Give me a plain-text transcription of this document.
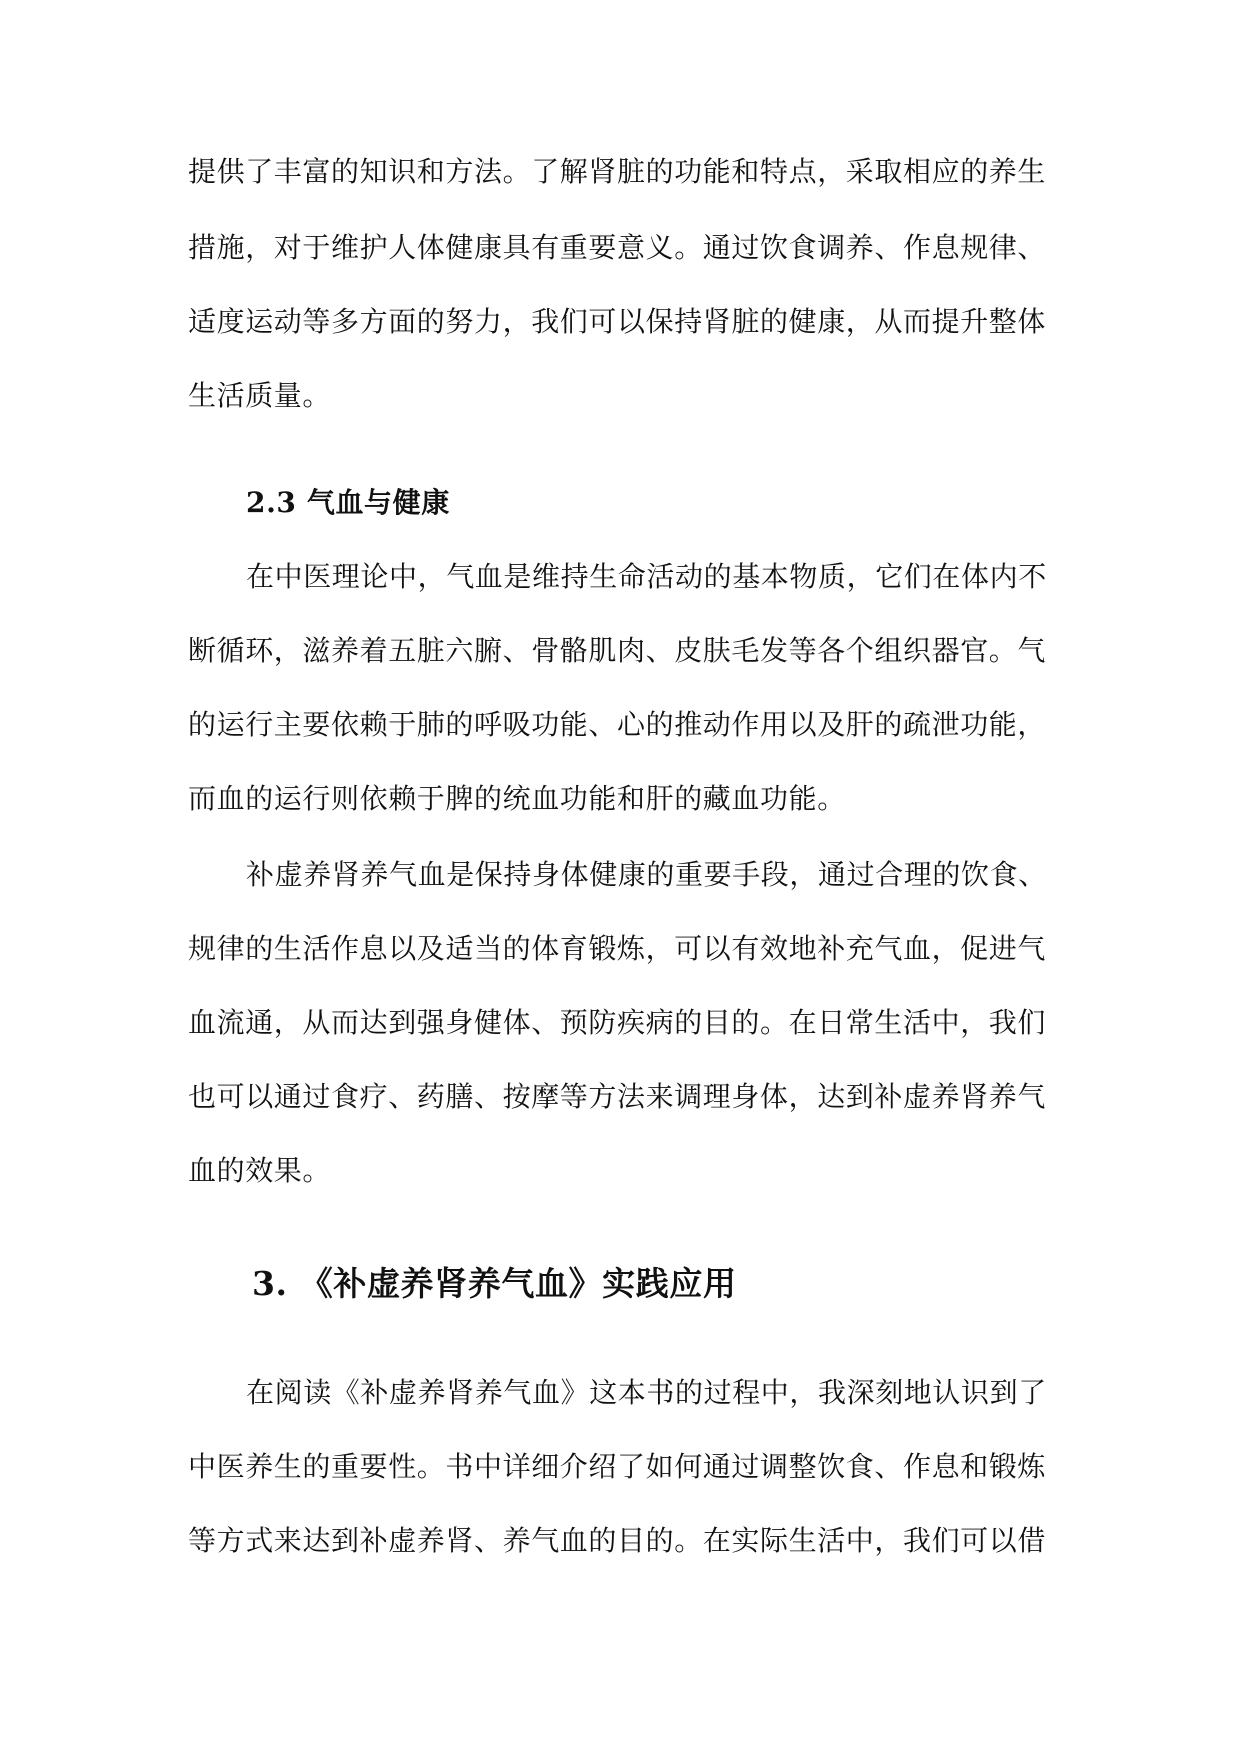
提供了丰富的知识和方法。了解肾脏的功能和特点，采取相应的养生
措施，对于维护人体健康具有重要意义。通过饮食调养、作息规律、
适度运动等多方面的努力，我们可以保持肾脏的健康，从而提升整体
生活质量。
2.3 气血与健康
在中医理论中，气血是维持生命活动的基本物质，它们在体内不
断循环，滋养着五脏六腑、骨骼肌肉、皮肤毛发等各个组织器官。气
的运行主要依赖于肺的呼吸功能、心的推动作用以及肝的疏泄功能，
而血的运行则依赖于脾的统血功能和肝的藏血功能。
补虚养肾养气血是保持身体健康的重要手段，通过合理的饮食、
规律的生活作息以及适当的体育锻炼，可以有效地补充气血，促进气
血流通，从而达到强身健体、预防疾病的目的。在日常生活中，我们
也可以通过食疗、药膳、按摩等方法来调理身体，达到补虚养肾养气
血的效果。
3. 《补虚养肾养气血》实践应用
在阅读《补虚养肾养气血》这本书的过程中，我深刻地认识到了
中医养生的重要性。书中详细介绍了如何通过调整饮食、作息和锻炼
等方式来达到补虚养肾、养气血的目的。在实际生活中，我们可以借
